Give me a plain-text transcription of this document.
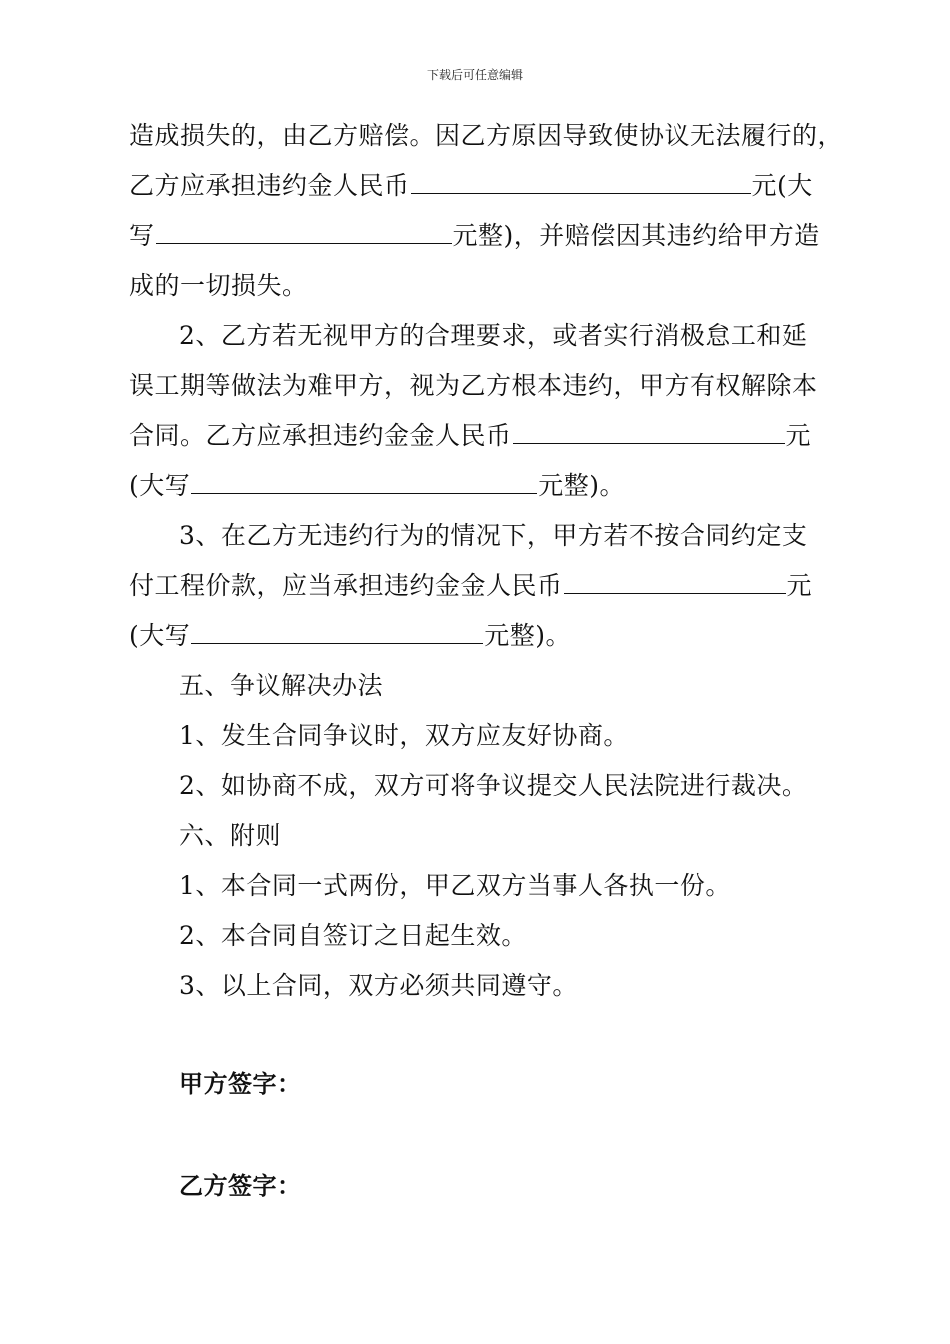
下载后可任意编辑
造成损失的，由乙方赔偿。因乙方原因导致使协议无法履行的，
乙方应承担违约金人民币	元(大
写	元整)，并赔偿因其违约给甲方造
成的一切损失。
2、乙方若无视甲方的合理要求，或者实行消极怠工和延
误工期等做法为难甲方，视为乙方根本违约，甲方有权解除本
合同。乙方应承担违约金金人民币	元
(大写	元整)。
3、在乙方无违约行为的情况下，甲方若不按合同约定支
付工程价款，应当承担违约金金人民币	元
(大写	元整)。
五、争议解决办法
1、发生合同争议时，双方应友好协商。
2、如协商不成，双方可将争议提交人民法院进行裁决。
六、附则
1、本合同一式两份，甲乙双方当事人各执一份。
2、本合同自签订之日起生效。
3、以上合同，双方必须共同遵守。
甲方签字：
乙方签字：
